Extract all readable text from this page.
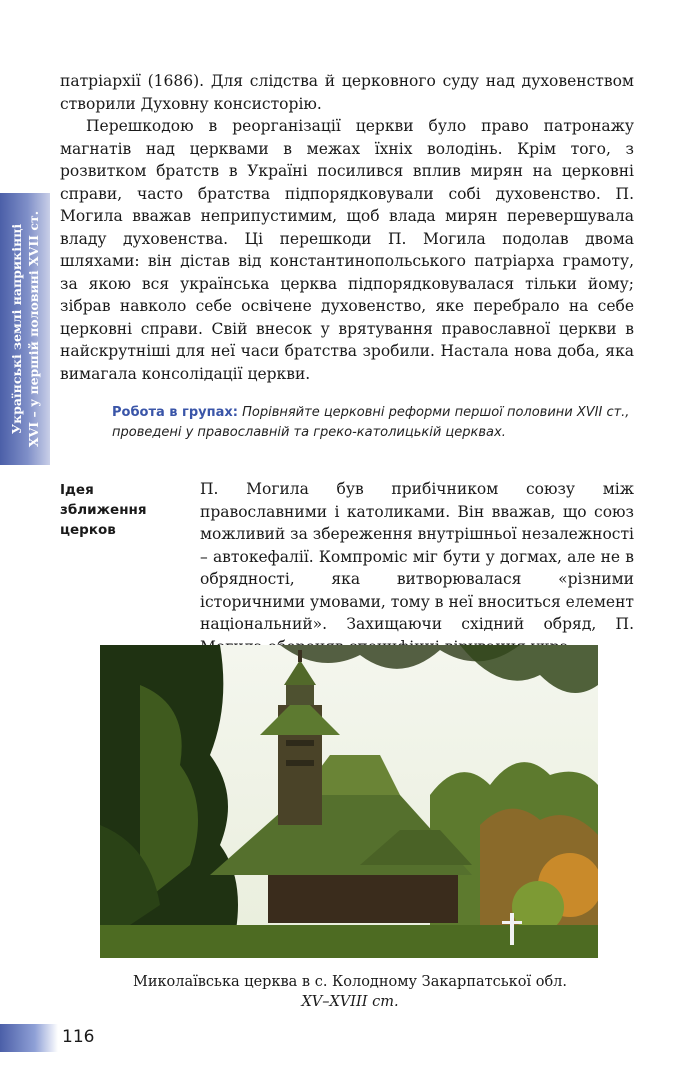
Українські землі наприкінці XVI – у першій половині XVII ст.

патріархії (1686). Для слідства й церковного суду над духовенством створили Духовну консисторію.

Перешкодою в реорганізації церкви було право патронажу магнатів над церквами в межах їхніх володінь. Крім того, з розвитком братств в Україні посилився вплив мирян на церковні справи, часто братства підпорядковували собі духовенство. П. Могила вважав неприпустимим, щоб влада мирян перевершувала владу духовенства. Ці перешкоди П. Могила подолав двома шляхами: він дістав від константинопольського патріарха грамоту, за якою вся українська церква підпорядковувалася тільки йому; зібрав навколо себе освічене духовенство, яке перебрало на себе церковні справи. Свій внесок у врятування православної церкви в найскрутніші для неї часи братства зробили. Настала нова доба, яка вимагала консолідації церкви.

Робота в групах: Порівняйте церковні реформи першої половини XVII ст., проведені у православній та греко-католицькій церквах.
Ідея
зближення
церков

П. Могила був прибічником союзу між православними і католиками. Він вважав, що союз можливий за збереження внутрішньої незалежності – автокефалії. Компроміс міг бути у догмах, але не в обрядності, яка витворювалася «різними історичними умовами, тому в неї вноситься елемент національний». Захищаючи східний обряд, П.

Миколаївська церква в с. Колодному Закарпатської обл.
XV–XVIII ст.
116
